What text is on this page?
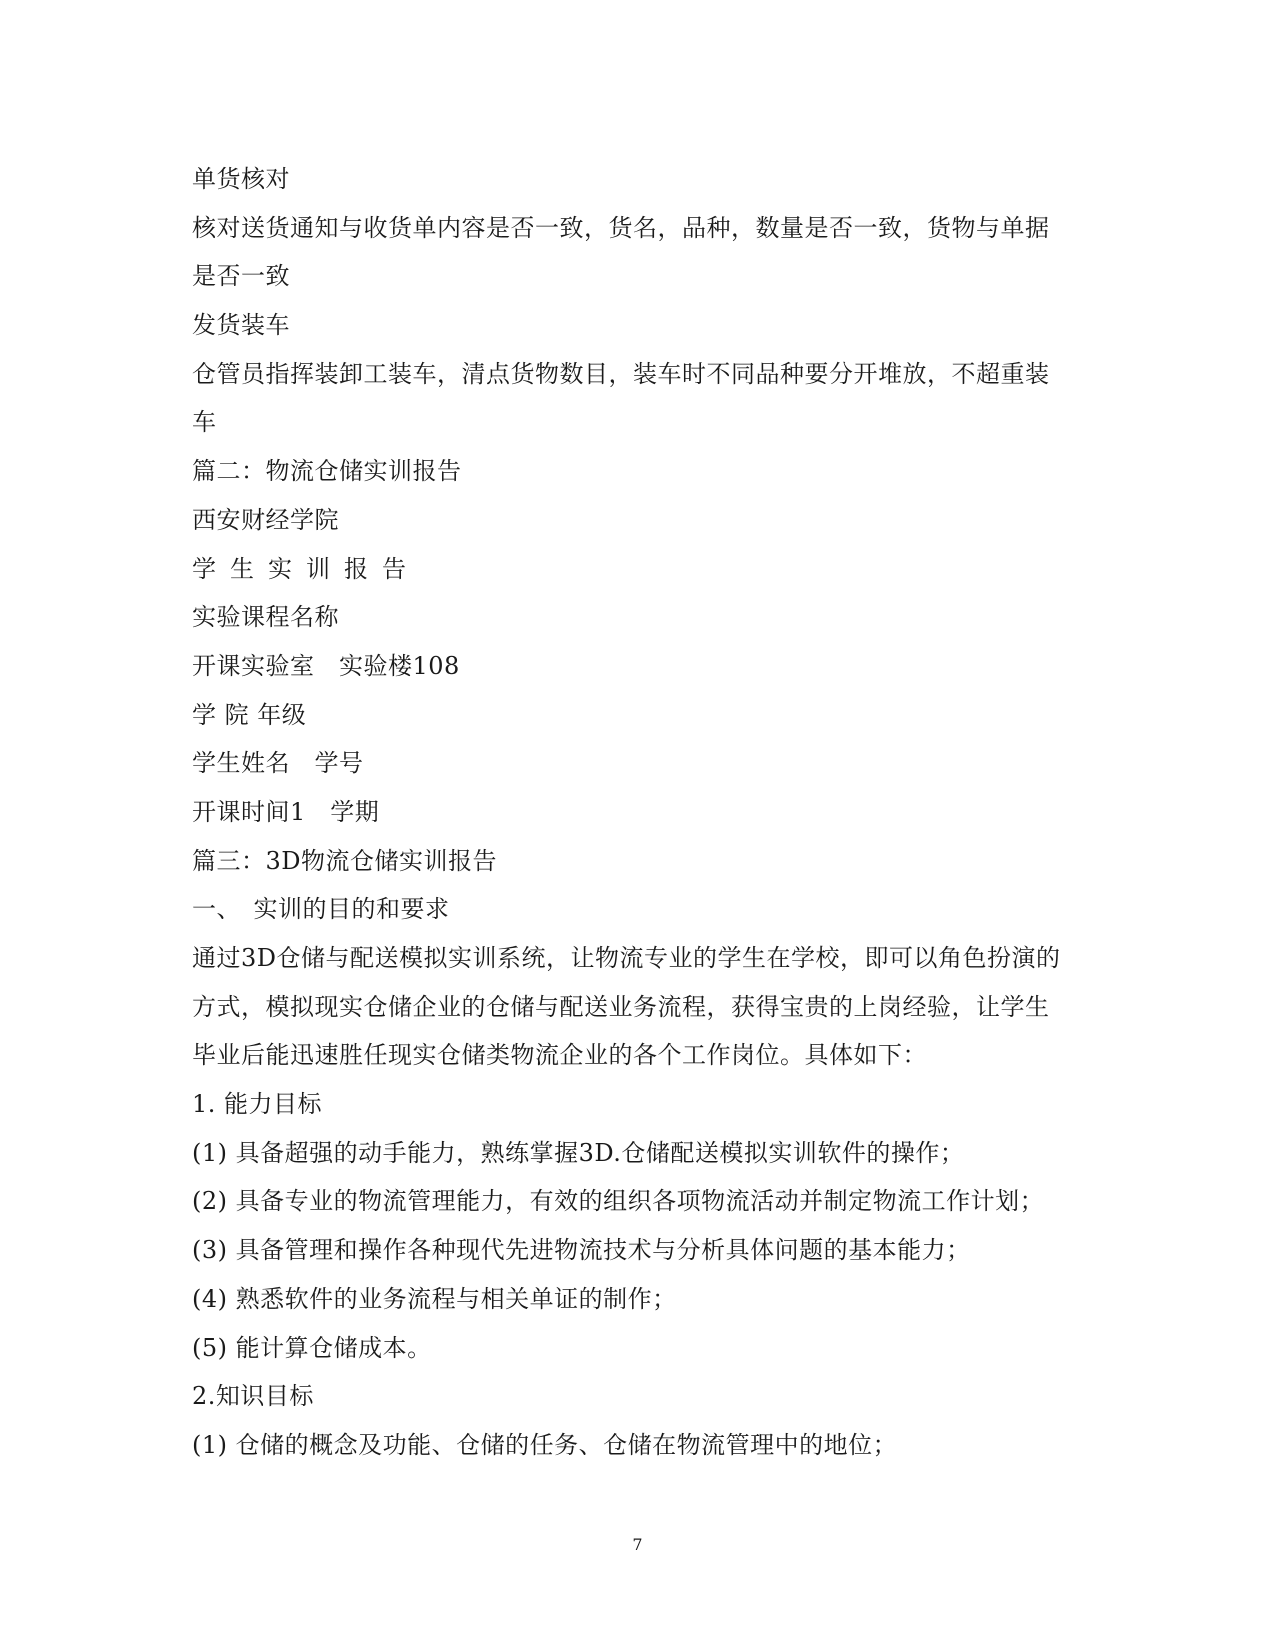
单货核对
核对送货通知与收货单内容是否一致，货名，品种，数量是否一致，货物与单据
是否一致
发货装车
仓管员指挥装卸工装车，清点货物数目，装车时不同品种要分开堆放，不超重装
车
篇二：物流仓储实训报告
西安财经学院
学生实训报告
实验课程名称
开课实验室　实验楼108
学 院 年级
学生姓名　学号
开课时间1　学期
篇三：3D物流仓储实训报告
一、　实训的目的和要求
通过3D仓储与配送模拟实训系统，让物流专业的学生在学校，即可以角色扮演的
方式，模拟现实仓储企业的仓储与配送业务流程，获得宝贵的上岗经验，让学生
毕业后能迅速胜任现实仓储类物流企业的各个工作岗位。具体如下：
1. 能力目标
(1) 具备超强的动手能力，熟练掌握3D.仓储配送模拟实训软件的操作；
(2) 具备专业的物流管理能力，有效的组织各项物流活动并制定物流工作计划；
(3) 具备管理和操作各种现代先进物流技术与分析具体问题的基本能力；
(4) 熟悉软件的业务流程与相关单证的制作；
(5) 能计算仓储成本。
2.知识目标
(1) 仓储的概念及功能、仓储的任务、仓储在物流管理中的地位；
7
